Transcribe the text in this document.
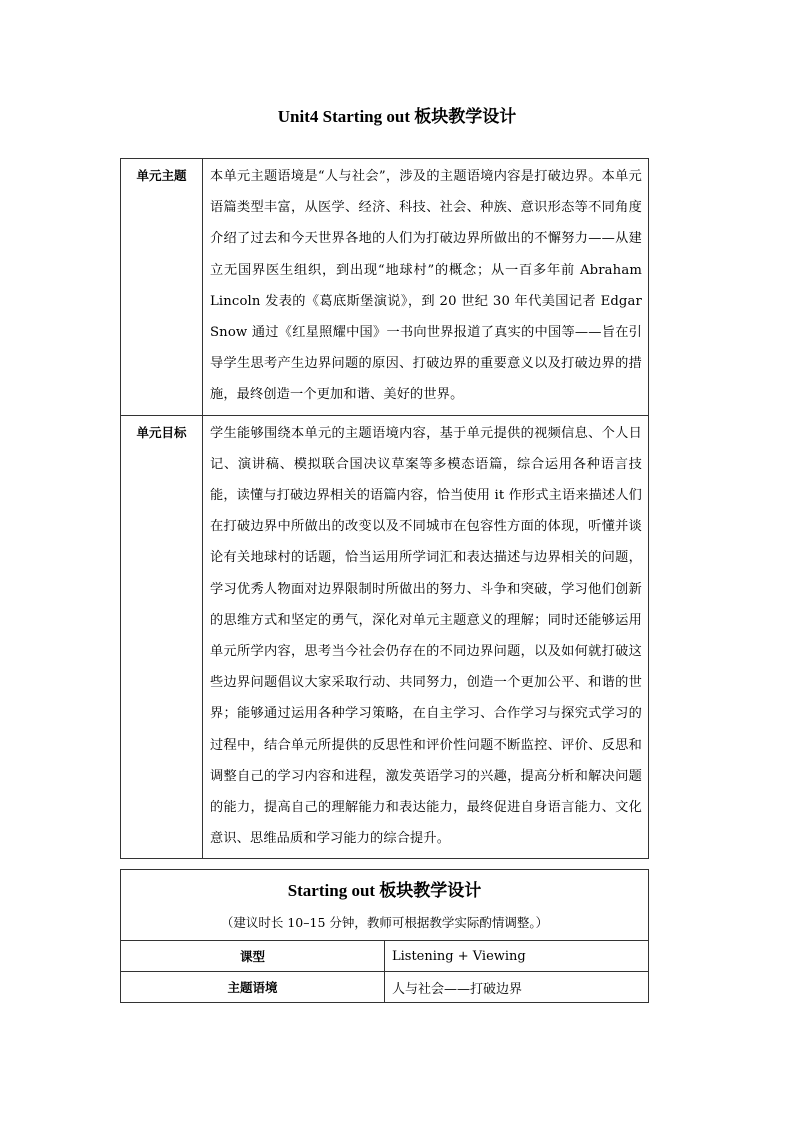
Unit4 Starting out 板块教学设计
单元主题	本单元主题语境是“人与社会”，涉及的主题语境内容是打破边界。本单元语篇类型丰富，从医学、经济、科技、社会、种族、意识形态等不同角度介绍了过去和今天世界各地的人们为打破边界所做出的不懈努力——从建立无国界医生组织，到出现“地球村”的概念；从一百多年前 Abraham Lincoln 发表的《葛底斯堡演说》，到 20 世纪 30 年代美国记者 Edgar Snow 通过《红星照耀中国》一书向世界报道了真实的中国等——旨在引导学生思考产生边界问题的原因、打破边界的重要意义以及打破边界的措施，最终创造一个更加和谐、美好的世界。
单元目标	学生能够围绕本单元的主题语境内容，基于单元提供的视频信息、个人日记、演讲稿、模拟联合国决议草案等多模态语篇，综合运用各种语言技能，读懂与打破边界相关的语篇内容，恰当使用 it 作形式主语来描述人们在打破边界中所做出的改变以及不同城市在包容性方面的体现，听懂并谈论有关地球村的话题，恰当运用所学词汇和表达描述与边界相关的问题，学习优秀人物面对边界限制时所做出的努力、斗争和突破，学习他们创新的思维方式和坚定的勇气，深化对单元主题意义的理解；同时还能够运用单元所学内容，思考当今社会仍存在的不同边界问题，以及如何就打破这些边界问题倡议大家采取行动、共同努力，创造一个更加公平、和谐的世界；能够通过运用各种学习策略，在自主学习、合作学习与探究式学习的过程中，结合单元所提供的反思性和评价性问题不断监控、评价、反思和调整自己的学习内容和进程，激发英语学习的兴趣，提高分析和解决问题的能力，提高自己的理解能力和表达能力，最终促进自身语言能力、文化意识、思维品质和学习能力的综合提升。
Starting out 板块教学设计
（建议时长 10–15 分钟，教师可根据教学实际酌情调整。）	

课型	Listening + Viewing
主题语境	人与社会——打破边界
